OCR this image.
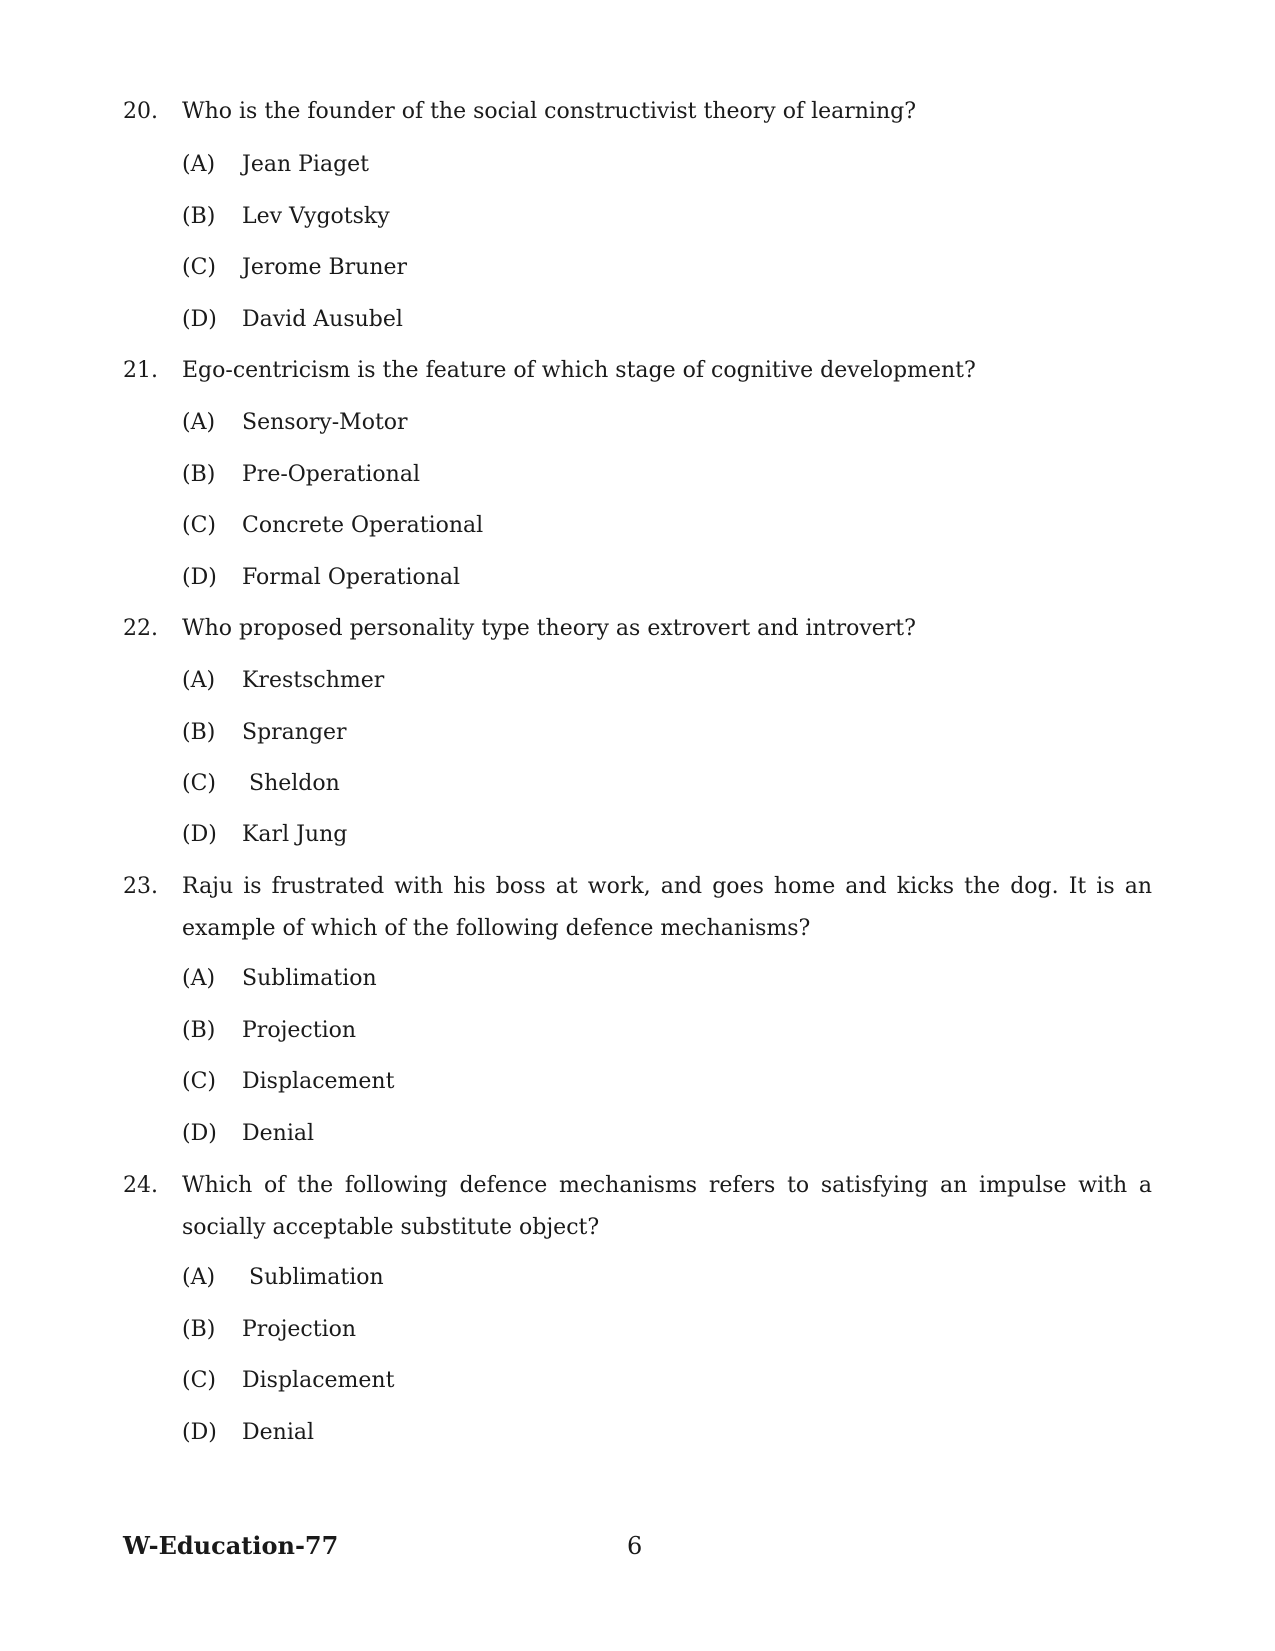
20. Who is the founder of the social constructivist theory of learning?
(A) Jean Piaget
(B) Lev Vygotsky
(C) Jerome Bruner
(D) David Ausubel
21. Ego-centricism is the feature of which stage of cognitive development?
(A) Sensory-Motor
(B) Pre-Operational
(C) Concrete Operational
(D) Formal Operational
22. Who proposed personality type theory as extrovert and introvert?
(A) Krestschmer
(B) Spranger
(C) Sheldon
(D) Karl Jung
23. Raju is frustrated with his boss at work, and goes home and kicks the dog. It is an example of which of the following defence mechanisms?
(A) Sublimation
(B) Projection
(C) Displacement
(D) Denial
24. Which of the following defence mechanisms refers to satisfying an impulse with a socially acceptable substitute object?
(A) Sublimation
(B) Projection
(C) Displacement
(D) Denial
W-Education-77	6
